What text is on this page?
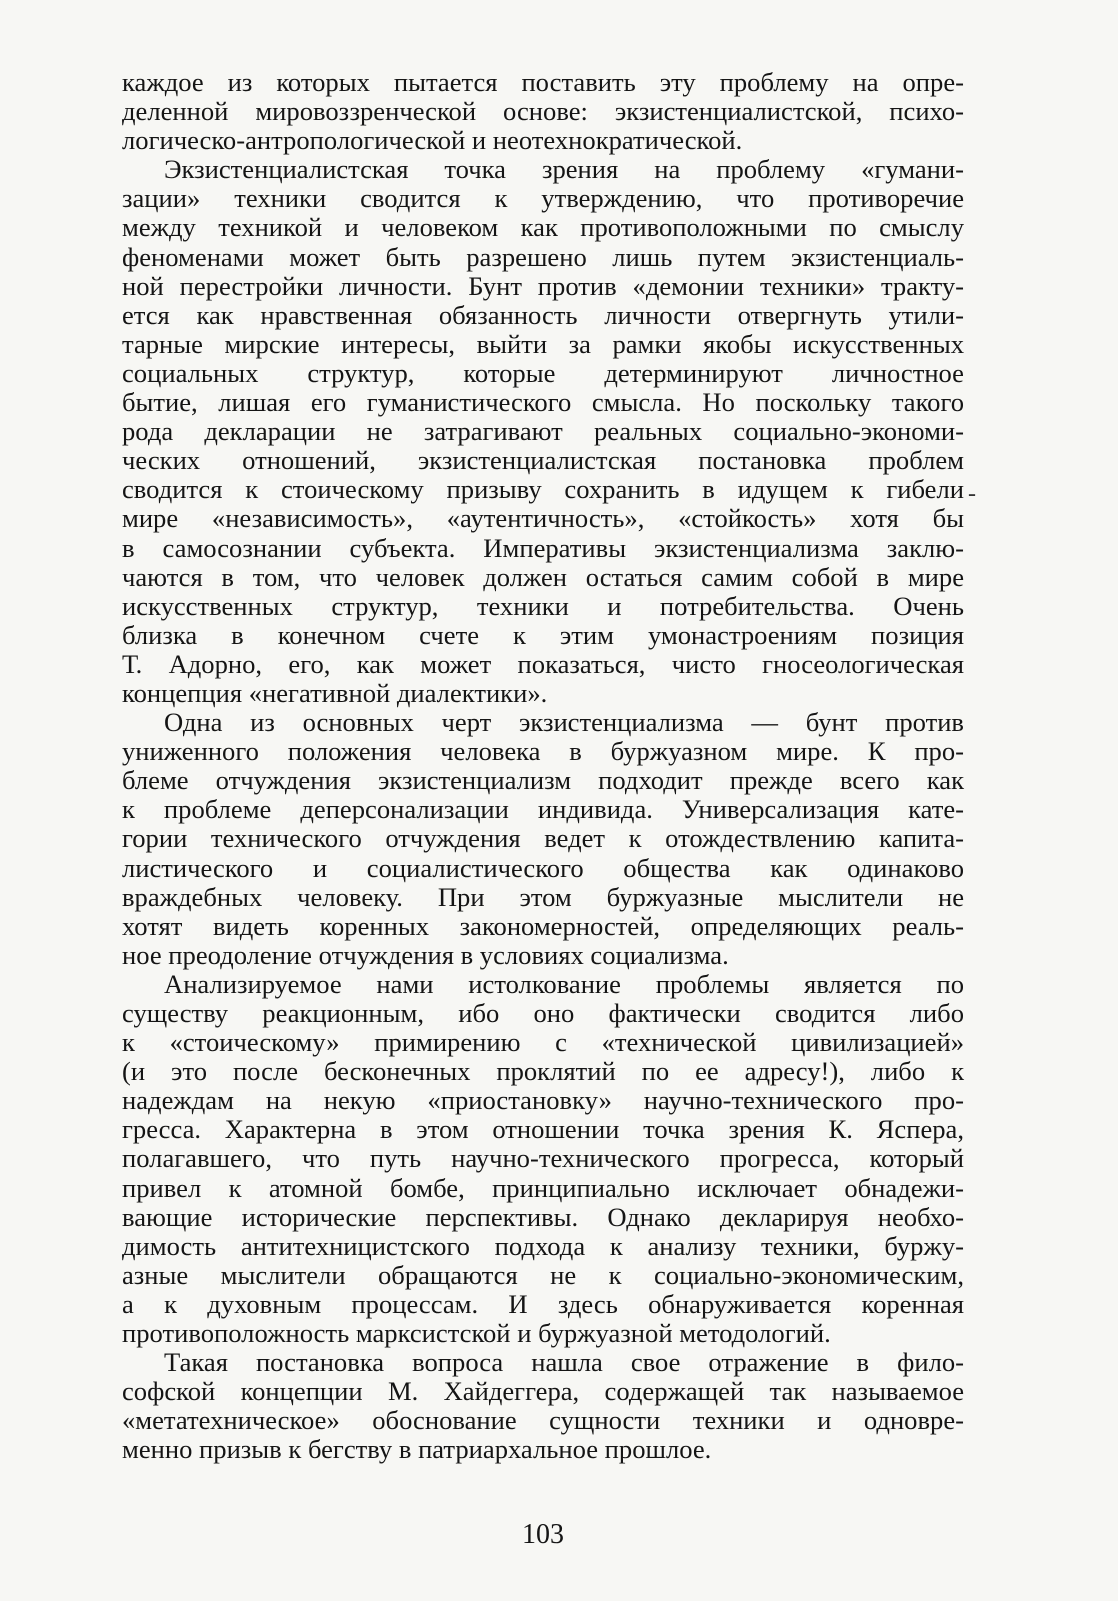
каждое из которых пытается поставить эту проблему на опре-
деленной мировоззренческой основе: экзистенциалистской, психо-
логическо-антропологической и неотехнократической.
Экзистенциалистская точка зрения на проблему «гумани-
зации» техники сводится к утверждению, что противоречие
между техникой и человеком как противоположными по смыслу
феноменами может быть разрешено лишь путем экзистенциаль-
ной перестройки личности. Бунт против «демонии техники» тракту-
ется как нравственная обязанность личности отвергнуть утили-
тарные мирские интересы, выйти за рамки якобы искусственных
социальных структур, которые детерминируют личностное
бытие, лишая его гуманистического смысла. Но поскольку такого
рода декларации не затрагивают реальных социально-экономи-
ческих отношений, экзистенциалистская постановка проблем
сводится к стоическому призыву сохранить в идущем к гибели
мире «независимость», «аутентичность», «стойкость» хотя бы
в самосознании субъекта. Императивы экзистенциализма заклю-
чаются в том, что человек должен остаться самим собой в мире
искусственных структур, техники и потребительства. Очень
близка в конечном счете к этим умонастроениям позиция
Т. Адорно, его, как может показаться, чисто гносеологическая
концепция «негативной диалектики».
Одна из основных черт экзистенциализма — бунт против
униженного положения человека в буржуазном мире. К про-
блеме отчуждения экзистенциализм подходит прежде всего как
к проблеме деперсонализации индивида. Универсализация кате-
гории технического отчуждения ведет к отождествлению капита-
листического и социалистического общества как одинаково
враждебных человеку. При этом буржуазные мыслители не
хотят видеть коренных закономерностей, определяющих реаль-
ное преодоление отчуждения в условиях социализма.
Анализируемое нами истолкование проблемы является по
существу реакционным, ибо оно фактически сводится либо
к «стоическому» примирению с «технической цивилизацией»
(и это после бесконечных проклятий по ее адресу!), либо к
надеждам на некую «приостановку» научно-технического про-
гресса. Характерна в этом отношении точка зрения К. Яспера,
полагавшего, что путь научно-технического прогресса, который
привел к атомной бомбе, принципиально исключает обнадежи-
вающие исторические перспективы. Однако декларируя необхо-
димость антитехницистского подхода к анализу техники, буржу-
азные мыслители обращаются не к социально-экономическим,
а к духовным процессам. И здесь обнаруживается коренная
противоположность марксистской и буржуазной методологий.
Такая постановка вопроса нашла свое отражение в фило-
софской концепции М. Хайдеггера, содержащей так называемое
«метатехническое» обоснование сущности техники и одновре-
менно призыв к бегству в патриархальное прошлое.
103
-
